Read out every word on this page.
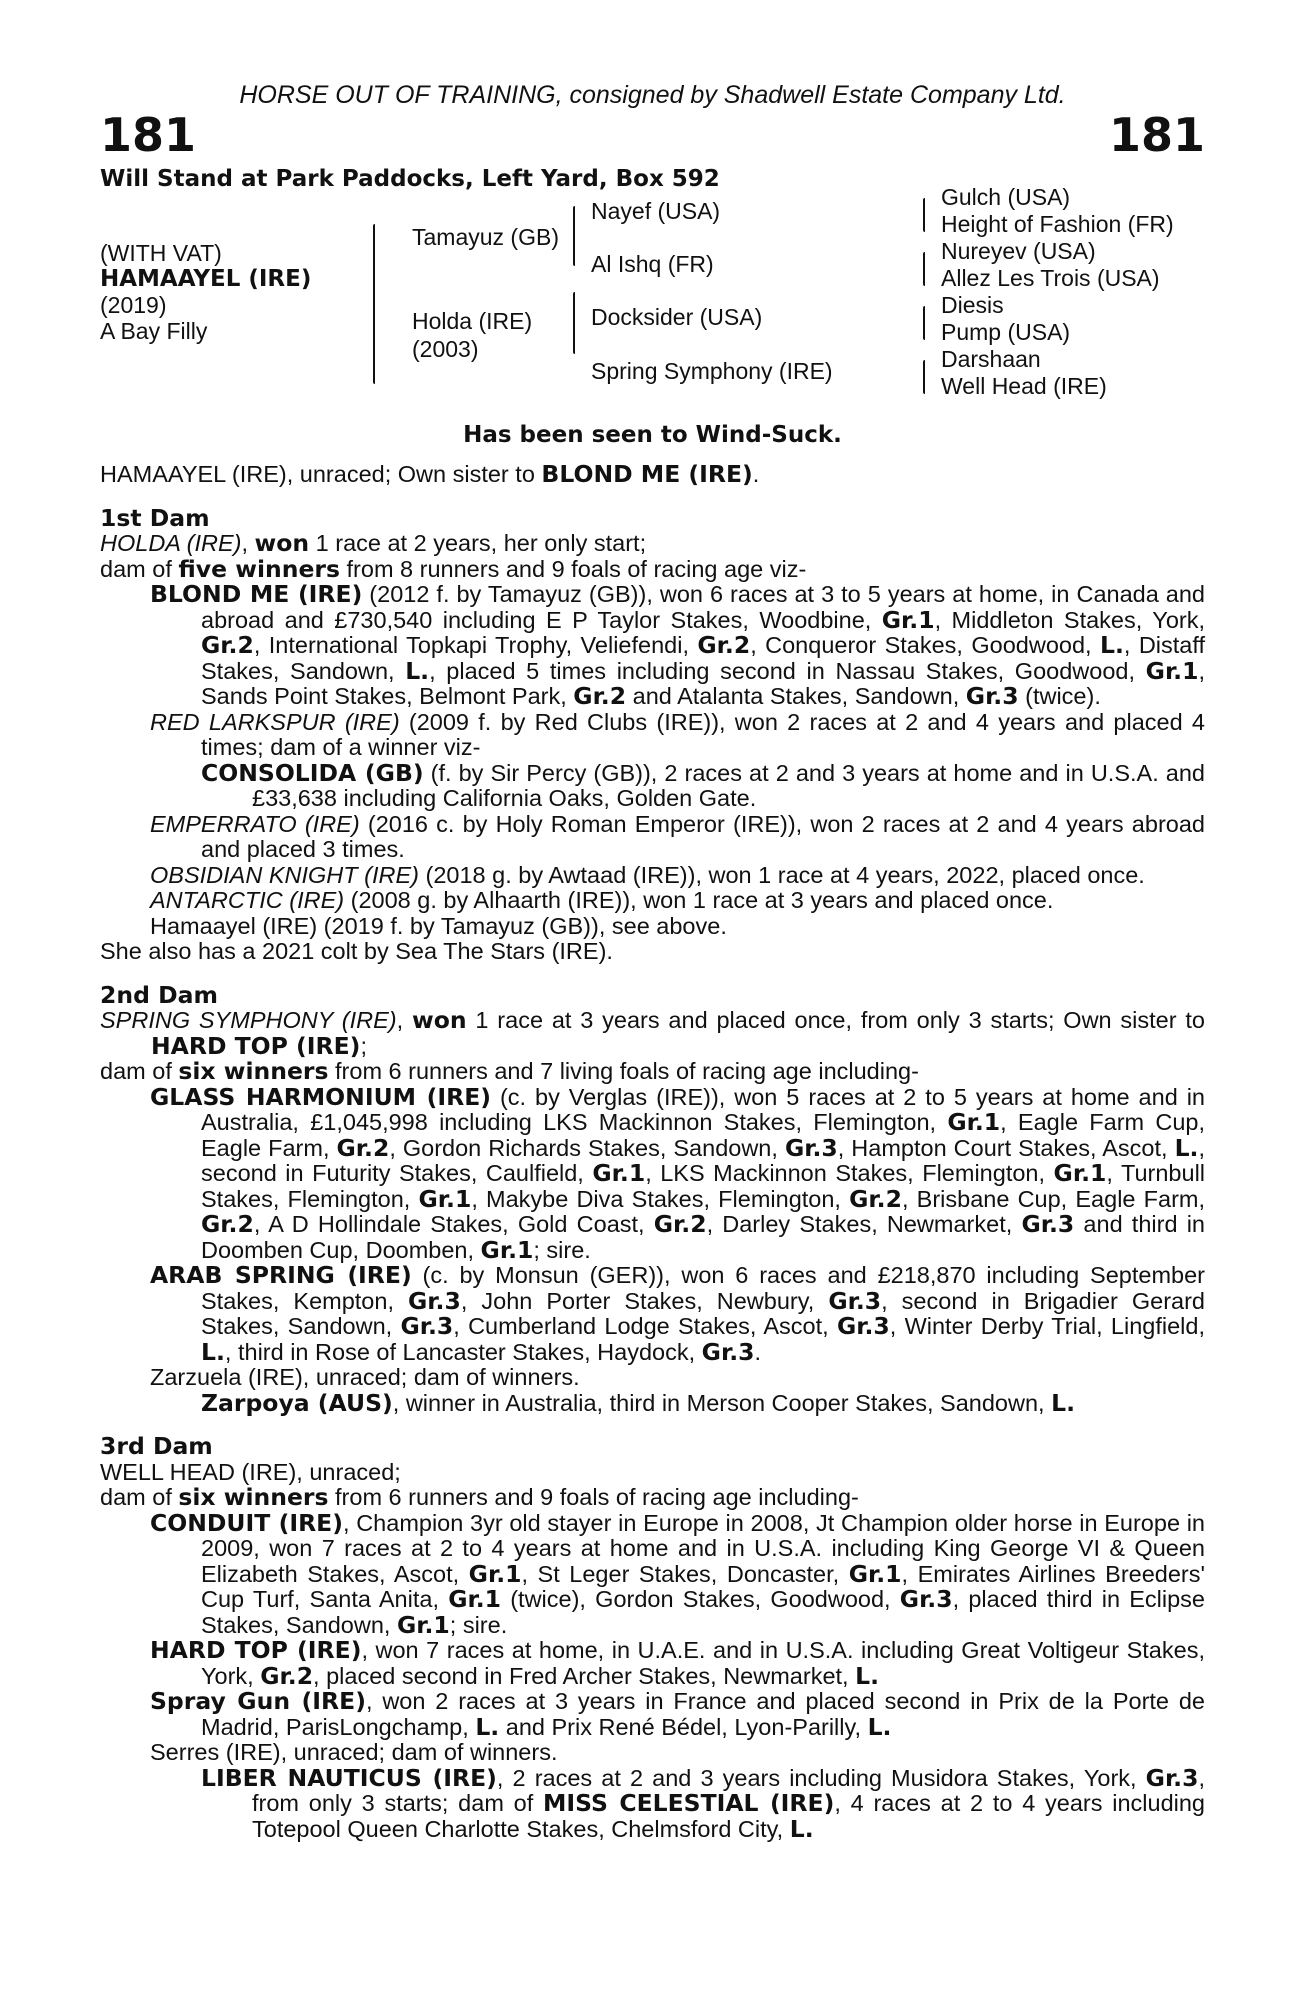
HORSE OUT OF TRAINING, consigned by Shadwell Estate Company Ltd.
181	181
Will Stand at Park Paddocks, Left Yard, Box 592
(WITH VAT)
HAMAAYEL (IRE)
(2019)
A Bay Filly
Tamayuz (GB)
Holda (IRE)
(2003)
Nayef (USA)
Al Ishq (FR)
Docksider (USA)
Spring Symphony (IRE)
Gulch (USA)
Height of Fashion (FR)
Nureyev (USA)
Allez Les Trois (USA)
Diesis
Pump (USA)
Darshaan
Well Head (IRE)
Has been seen to Wind-Suck.

HAMAAYEL (IRE), unraced; Own sister to BLOND ME (IRE).

1st Dam

HOLDA (IRE), won 1 race at 2 years, her only start;

dam of five winners from 8 runners and 9 foals of racing age viz-

BLOND ME (IRE) (2012 f. by Tamayuz (GB)), won 6 races at 3 to 5 years at home, in Canada and abroad and £730,540 including E P Taylor Stakes, Woodbine, Gr.1, Middleton Stakes, York, Gr.2, International Topkapi Trophy, Veliefendi, Gr.2, Conqueror Stakes, Goodwood, L., Distaff Stakes, Sandown, L., placed 5 times including second in Nassau Stakes, Goodwood, Gr.1, Sands Point Stakes, Belmont Park, Gr.2 and Atalanta Stakes, Sandown, Gr.3 (twice).

RED LARKSPUR (IRE) (2009 f. by Red Clubs (IRE)), won 2 races at 2 and 4 years and placed 4 times; dam of a winner viz-

CONSOLIDA (GB) (f. by Sir Percy (GB)), 2 races at 2 and 3 years at home and in U.S.A. and £33,638 including California Oaks, Golden Gate.

EMPERRATO (IRE) (2016 c. by Holy Roman Emperor (IRE)), won 2 races at 2 and 4 years abroad and placed 3 times.

OBSIDIAN KNIGHT (IRE) (2018 g. by Awtaad (IRE)), won 1 race at 4 years, 2022, placed once.

ANTARCTIC (IRE) (2008 g. by Alhaarth (IRE)), won 1 race at 3 years and placed once.

Hamaayel (IRE) (2019 f. by Tamayuz (GB)), see above.

She also has a 2021 colt by Sea The Stars (IRE).

2nd Dam

SPRING SYMPHONY (IRE), won 1 race at 3 years and placed once, from only 3 starts; Own sister to HARD TOP (IRE);

dam of six winners from 6 runners and 7 living foals of racing age including-

GLASS HARMONIUM (IRE) (c. by Verglas (IRE)), won 5 races at 2 to 5 years at home and in Australia, £1,045,998 including LKS Mackinnon Stakes, Flemington, Gr.1, Eagle Farm Cup, Eagle Farm, Gr.2, Gordon Richards Stakes, Sandown, Gr.3, Hampton Court Stakes, Ascot, L., second in Futurity Stakes, Caulfield, Gr.1, LKS Mackinnon Stakes, Flemington, Gr.1, Turnbull Stakes, Flemington, Gr.1, Makybe Diva Stakes, Flemington, Gr.2, Brisbane Cup, Eagle Farm, Gr.2, A D Hollindale Stakes, Gold Coast, Gr.2, Darley Stakes, Newmarket, Gr.3 and third in Doomben Cup, Doomben, Gr.1; sire.

ARAB SPRING (IRE) (c. by Monsun (GER)), won 6 races and £218,870 including September Stakes, Kempton, Gr.3, John Porter Stakes, Newbury, Gr.3, second in Brigadier Gerard Stakes, Sandown, Gr.3, Cumberland Lodge Stakes, Ascot, Gr.3, Winter Derby Trial, Lingfield, L., third in Rose of Lancaster Stakes, Haydock, Gr.3.

Zarzuela (IRE), unraced; dam of winners.

Zarpoya (AUS), winner in Australia, third in Merson Cooper Stakes, Sandown, L.

3rd Dam

WELL HEAD (IRE), unraced;

dam of six winners from 6 runners and 9 foals of racing age including-

CONDUIT (IRE), Champion 3yr old stayer in Europe in 2008, Jt Champion older horse in Europe in 2009, won 7 races at 2 to 4 years at home and in U.S.A. including King George VI & Queen Elizabeth Stakes, Ascot, Gr.1, St Leger Stakes, Doncaster, Gr.1, Emirates Airlines Breeders' Cup Turf, Santa Anita, Gr.1 (twice), Gordon Stakes, Goodwood, Gr.3, placed third in Eclipse Stakes, Sandown, Gr.1; sire.

HARD TOP (IRE), won 7 races at home, in U.A.E. and in U.S.A. including Great Voltigeur Stakes, York, Gr.2, placed second in Fred Archer Stakes, Newmarket, L.

Spray Gun (IRE), won 2 races at 3 years in France and placed second in Prix de la Porte de Madrid, ParisLongchamp, L. and Prix René Bédel, Lyon-Parilly, L.

Serres (IRE), unraced; dam of winners.

LIBER NAUTICUS (IRE), 2 races at 2 and 3 years including Musidora Stakes, York, Gr.3, from only 3 starts; dam of MISS CELESTIAL (IRE), 4 races at 2 to 4 years including Totepool Queen Charlotte Stakes, Chelmsford City, L.
